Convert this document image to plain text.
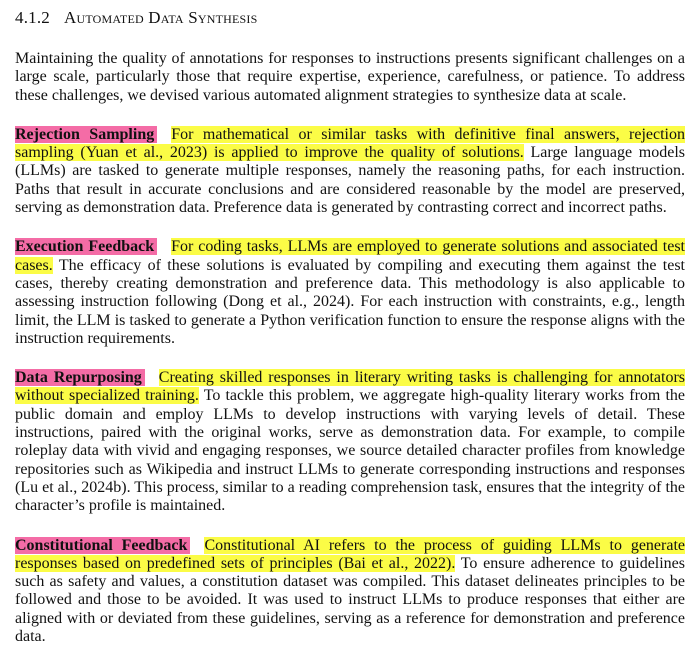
4.1.2 Automated Data Synthesis

Maintaining the quality of annotations for responses to instructions presents significant challenges on a large scale, particularly those that require expertise, experience, carefulness, or patience. To address these challenges, we devised various automated alignment strategies to synthesize data at scale.

Rejection Sampling For mathematical or similar tasks with definitive final answers, rejection sampling (Yuan et al., 2023) is applied to improve the quality of solutions. Large language models (LLMs) are tasked to generate multiple responses, namely the reasoning paths, for each instruction. Paths that result in accurate conclusions and are considered reasonable by the model are preserved, serving as demonstration data. Preference data is generated by contrasting correct and incorrect paths.

Execution Feedback For coding tasks, LLMs are employed to generate solutions and associated test cases. The efficacy of these solutions is evaluated by compiling and executing them against the test cases, thereby creating demonstration and preference data. This methodology is also applicable to assessing instruction following (Dong et al., 2024). For each instruction with constraints, e.g., length limit, the LLM is tasked to generate a Python verification function to ensure the response aligns with the instruction requirements.

Data Repurposing Creating skilled responses in literary writing tasks is challenging for annotators without specialized training. To tackle this problem, we aggregate high-quality literary works from the public domain and employ LLMs to develop instructions with varying levels of detail. These instructions, paired with the original works, serve as demonstration data. For example, to compile roleplay data with vivid and engaging responses, we source detailed character profiles from knowledge repositories such as Wikipedia and instruct LLMs to generate corresponding instructions and responses (Lu et al., 2024b). This process, similar to a reading comprehension task, ensures that the integrity of the character’s profile is maintained.

Constitutional Feedback Constitutional AI refers to the process of guiding LLMs to generate responses based on predefined sets of principles (Bai et al., 2022). To ensure adherence to guidelines such as safety and values, a constitution dataset was compiled. This dataset delineates principles to be followed and those to be avoided. It was used to instruct LLMs to produce responses that either are aligned with or deviated from these guidelines, serving as a reference for demonstration and preference data.
